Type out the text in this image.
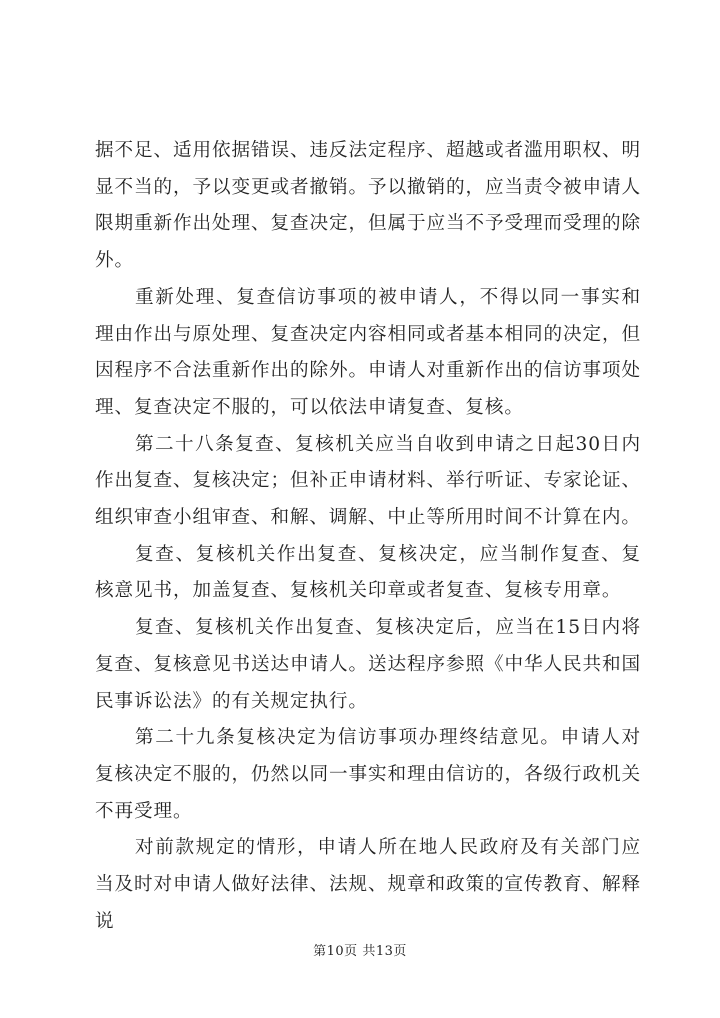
据不足、适用依据错误、违反法定程序、超越或者滥用职权、明显不当的，予以变更或者撤销。予以撤销的，应当责令被申请人限期重新作出处理、复查决定，但属于应当不予受理而受理的除外。

重新处理、复查信访事项的被申请人，不得以同一事实和理由作出与原处理、复查决定内容相同或者基本相同的决定，但因程序不合法重新作出的除外。申请人对重新作出的信访事项处理、复查决定不服的，可以依法申请复查、复核。

第二十八条复查、复核机关应当自收到申请之日起30日内作出复查、复核决定；但补正申请材料、举行听证、专家论证、组织审查小组审查、和解、调解、中止等所用时间不计算在内。

复查、复核机关作出复查、复核决定，应当制作复查、复核意见书，加盖复查、复核机关印章或者复查、复核专用章。

复查、复核机关作出复查、复核决定后，应当在15日内将复查、复核意见书送达申请人。送达程序参照《中华人民共和国民事诉讼法》的有关规定执行。

第二十九条复核决定为信访事项办理终结意见。申请人对复核决定不服的，仍然以同一事实和理由信访的，各级行政机关不再受理。

对前款规定的情形，申请人所在地人民政府及有关部门应当及时对申请人做好法律、法规、规章和政策的宣传教育、解释说

第10页 共13页
